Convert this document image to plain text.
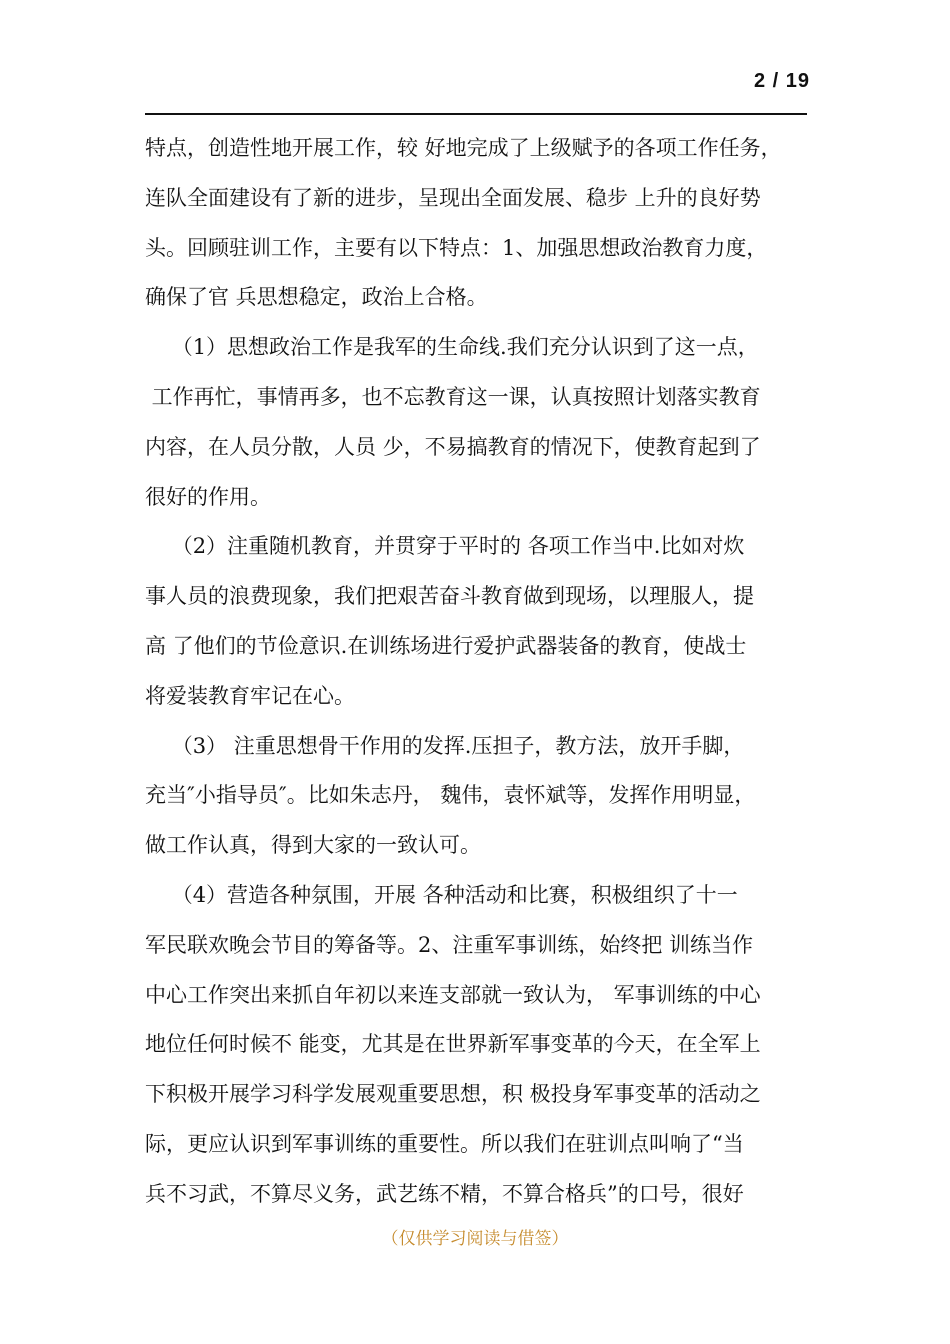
2 / 19
特点，创造性地开展工作，较 好地完成了上级赋予的各项工作任务，
连队全面建设有了新的进步，呈现出全面发展、稳步 上升的良好势
头。回顾驻训工作，主要有以下特点：1、加强思想政治教育力度，
确保了官 兵思想稳定，政治上合格。
（1）思想政治工作是我军的生命线.我们充分认识到了这一点，
工作再忙，事情再多，也不忘教育这一课，认真按照计划落实教育
内容，在人员分散，人员 少，不易搞教育的情况下，使教育起到了
很好的作用。
（2）注重随机教育，并贯穿于平时的 各项工作当中.比如对炊
事人员的浪费现象，我们把艰苦奋斗教育做到现场，以理服人，提
高 了他们的节俭意识.在训练场进行爱护武器装备的教育，使战士
将爱装教育牢记在心。
（3） 注重思想骨干作用的发挥.压担子，教方法，放开手脚，
充当″小指导员″。比如朱志丹， 魏伟，袁怀斌等，发挥作用明显，
做工作认真，得到大家的一致认可。
（4）营造各种氛围，开展 各种活动和比赛，积极组织了十一
军民联欢晚会节目的筹备等。2、注重军事训练，始终把 训练当作
中心工作突出来抓自年初以来连支部就一致认为， 军事训练的中心
地位任何时候不 能变，尤其是在世界新军事变革的今天，在全军上
下积极开展学习科学发展观重要思想，积 极投身军事变革的活动之
际，更应认识到军事训练的重要性。所以我们在驻训点叫响了“当
兵不习武，不算尽义务，武艺练不精，不算合格兵”的口号，很好
（仅供学习阅读与借签）
